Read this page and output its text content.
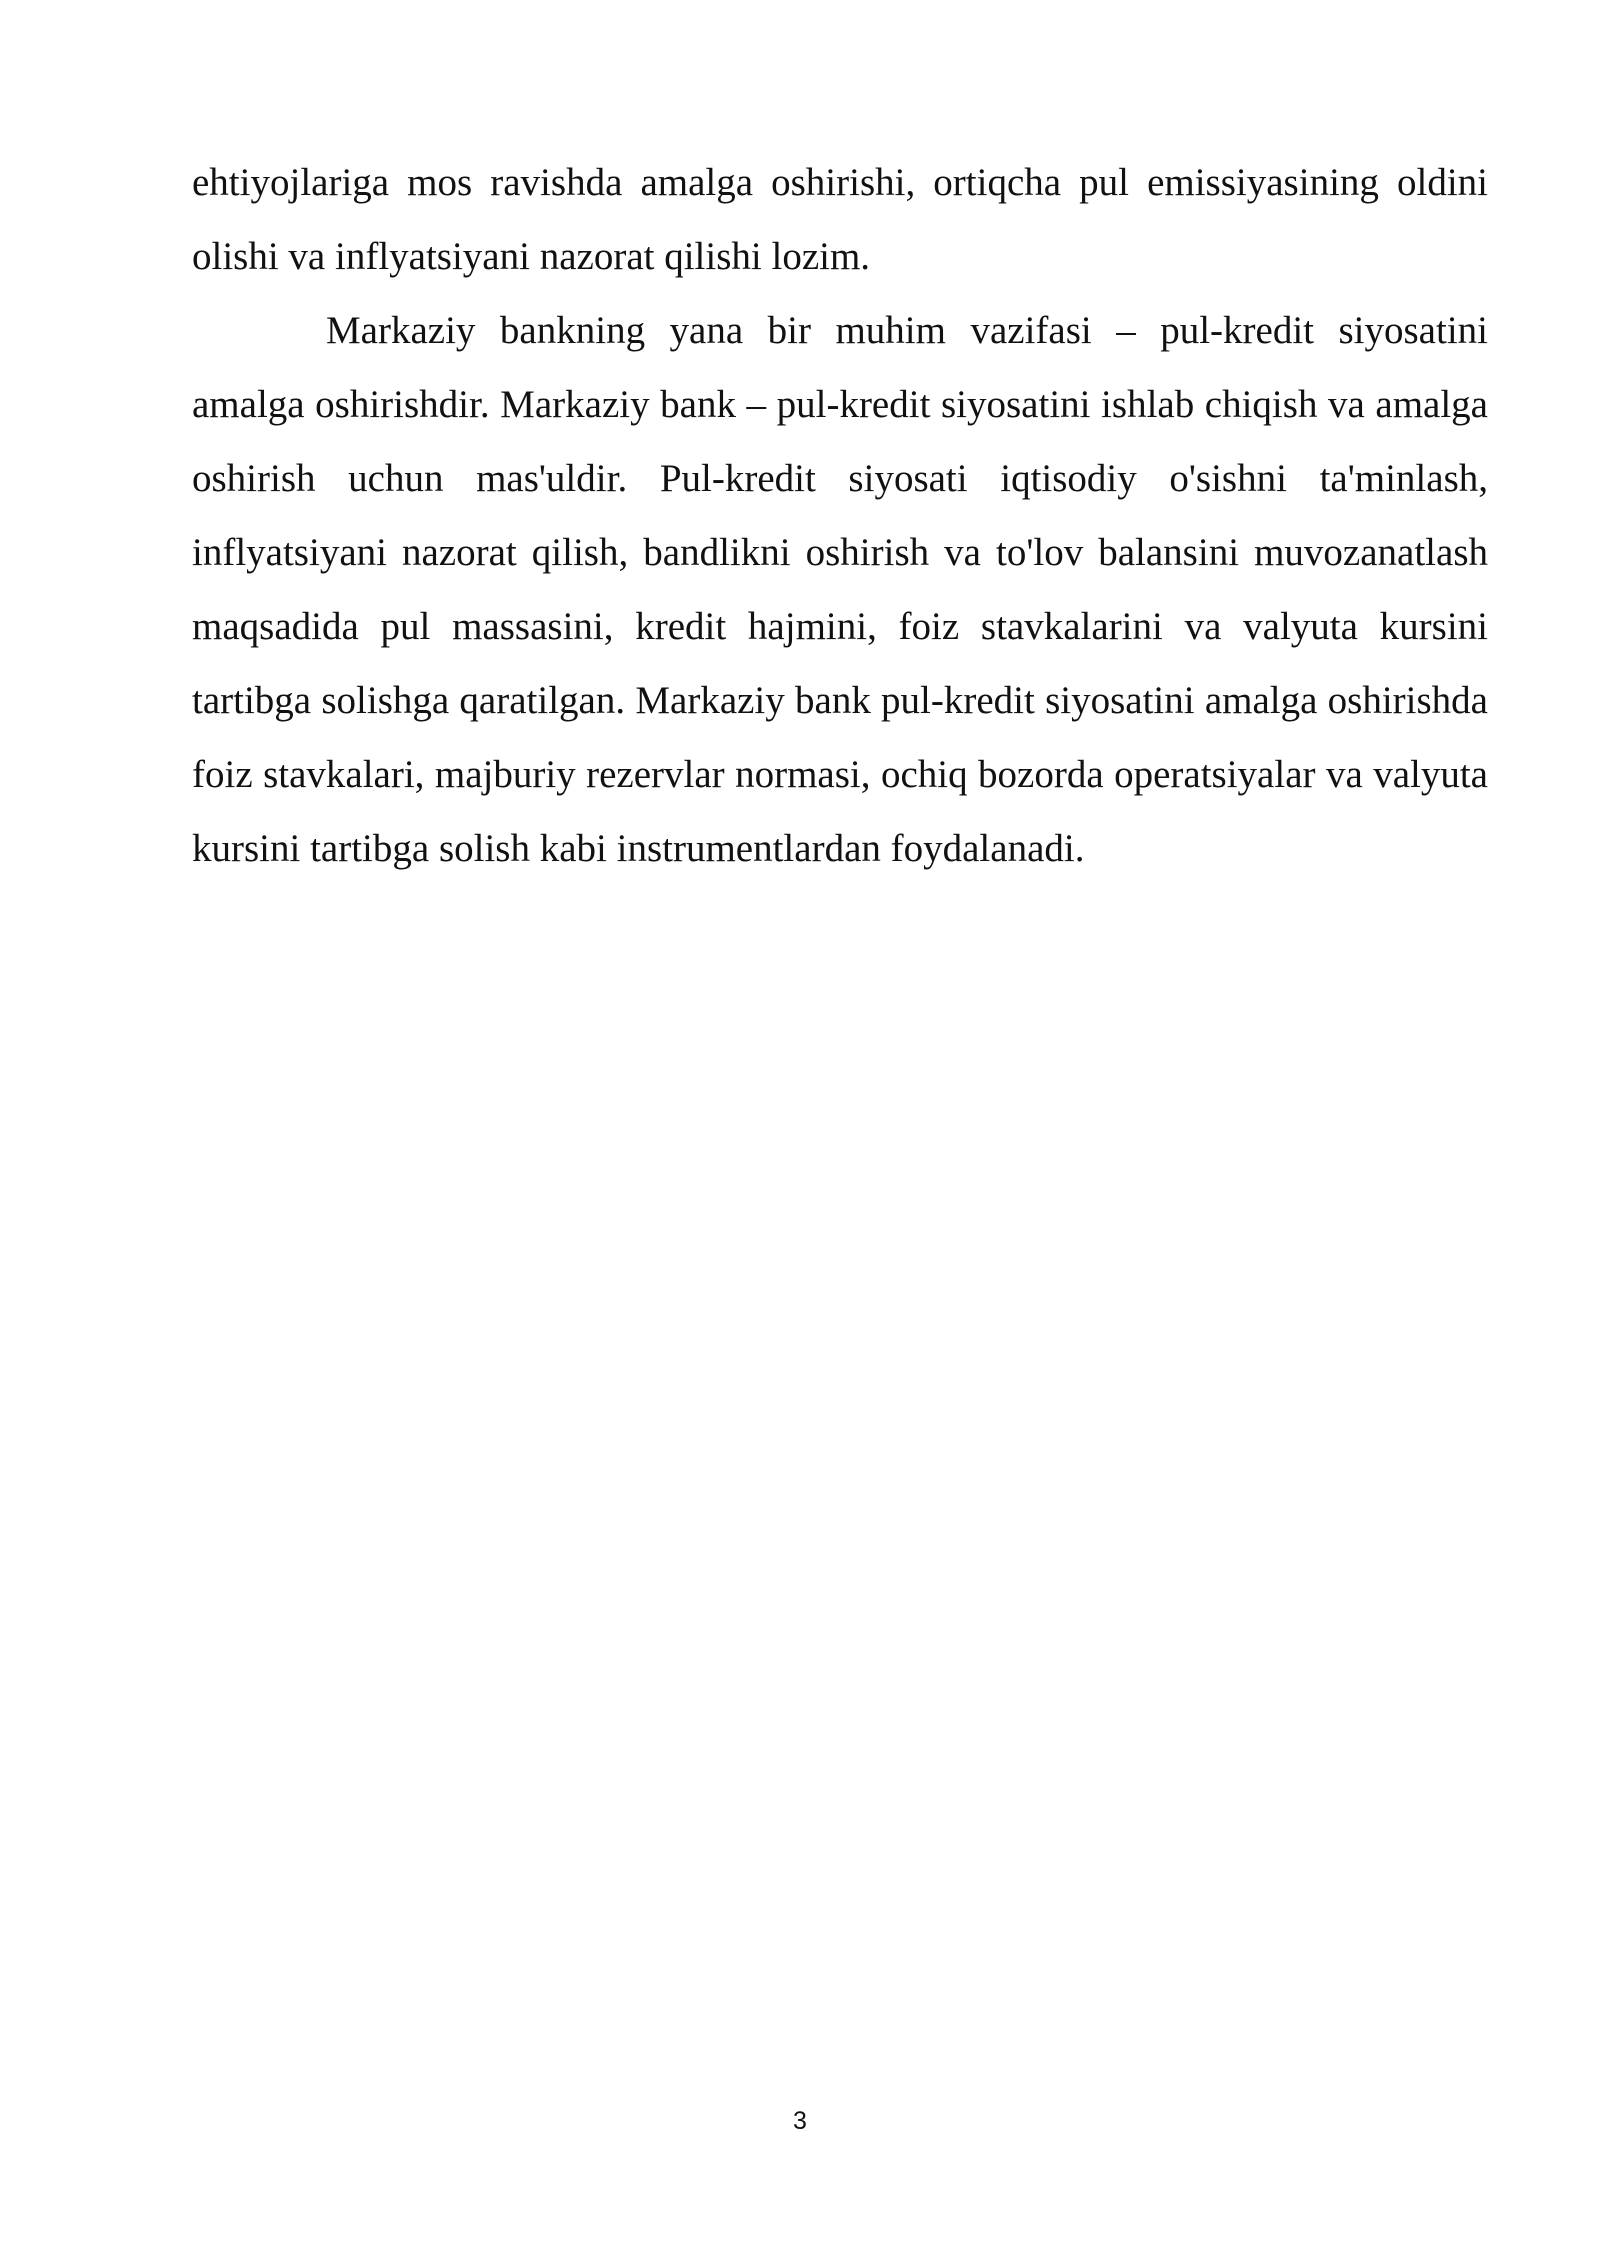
ehtiyojlariga mos ravishda amalga oshirishi, ortiqcha pul emissiyasining oldini olishi va inflyatsiyani nazorat qilishi lozim.

Markaziy bankning yana bir muhim vazifasi – pul-kredit siyosatini amalga oshirishdir. Markaziy bank – pul-kredit siyosatini ishlab chiqish va amalga oshirish uchun mas'uldir. Pul-kredit siyosati iqtisodiy o'sishni ta'minlash, inflyatsiyani nazorat qilish, bandlikni oshirish va to'lov balansini muvozanatlash maqsadida pul massasini, kredit hajmini, foiz stavkalarini va valyuta kursini tartibga solishga qaratilgan. Markaziy bank pul-kredit siyosatini amalga oshirishda foiz stavkalari, majburiy rezervlar normasi, ochiq bozorda operatsiyalar va valyuta kursini tartibga solish kabi instrumentlardan foydalanadi.

3
